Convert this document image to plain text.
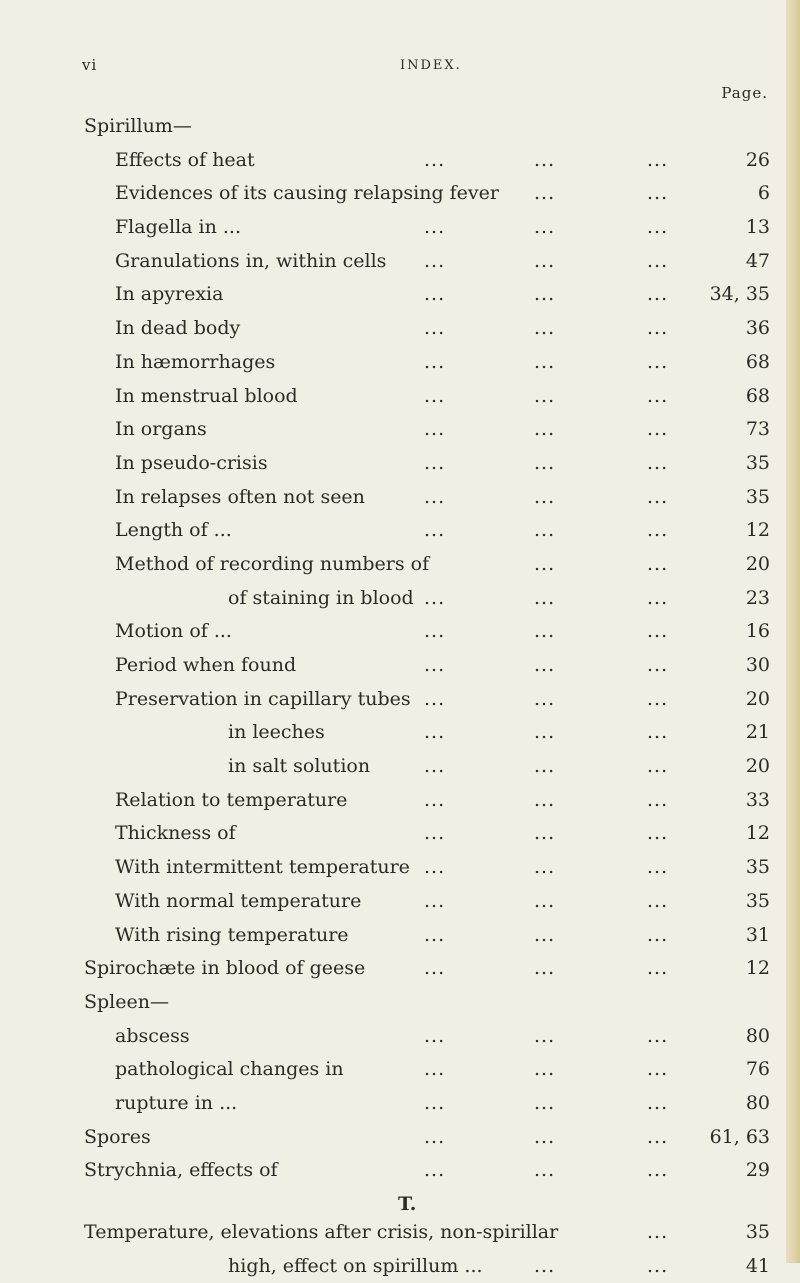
vi	INDEX.
Page.
Spirillum—
Effects of heat	...	...	...	26
Evidences of its causing relapsing fever ...	...	6
Flagella in ...	...	...	...	13
Granulations in, within cells ...	...	...	47
In apyrexia	...	...	... 34, 35
In dead body	...	...	...	36
In hæmorrhages	...	...	...	68
In menstrual blood	...	...	...	68
In organs	...	...	...	73
In pseudo-crisis	...	...	...	35
In relapses often not seen	...	...	...	35
Length of ...	...	...	...	12
Method of recording numbers of	...	...	20
of staining in blood ...	...	...	23
Motion of ...	...	...	...	16
Period when found	...	...	...	30
Preservation in capillary tubes ...	...	...	20
in leeches	...	...	...	21
in salt solution	...	...	...	20
Relation to temperature	...	...	...	33
Thickness of	...	...	...	12
With intermittent temperature ...	...	...	35
With normal temperature	...	...	...	35
With rising temperature	...	...	...	31
Spirochæte in blood of geese	...	...	...	12
Spleen—
abscess	...	...	...	80
pathological changes in	...	...	...	76
rupture in ...	...	...	...	80
Spores	...	...	... 61, 63
Strychnia, effects of	...	...	...	29
T.
Temperature, elevations after crisis, non-spirillar	...	35
high, effect on spirillum ...	...	...	41
